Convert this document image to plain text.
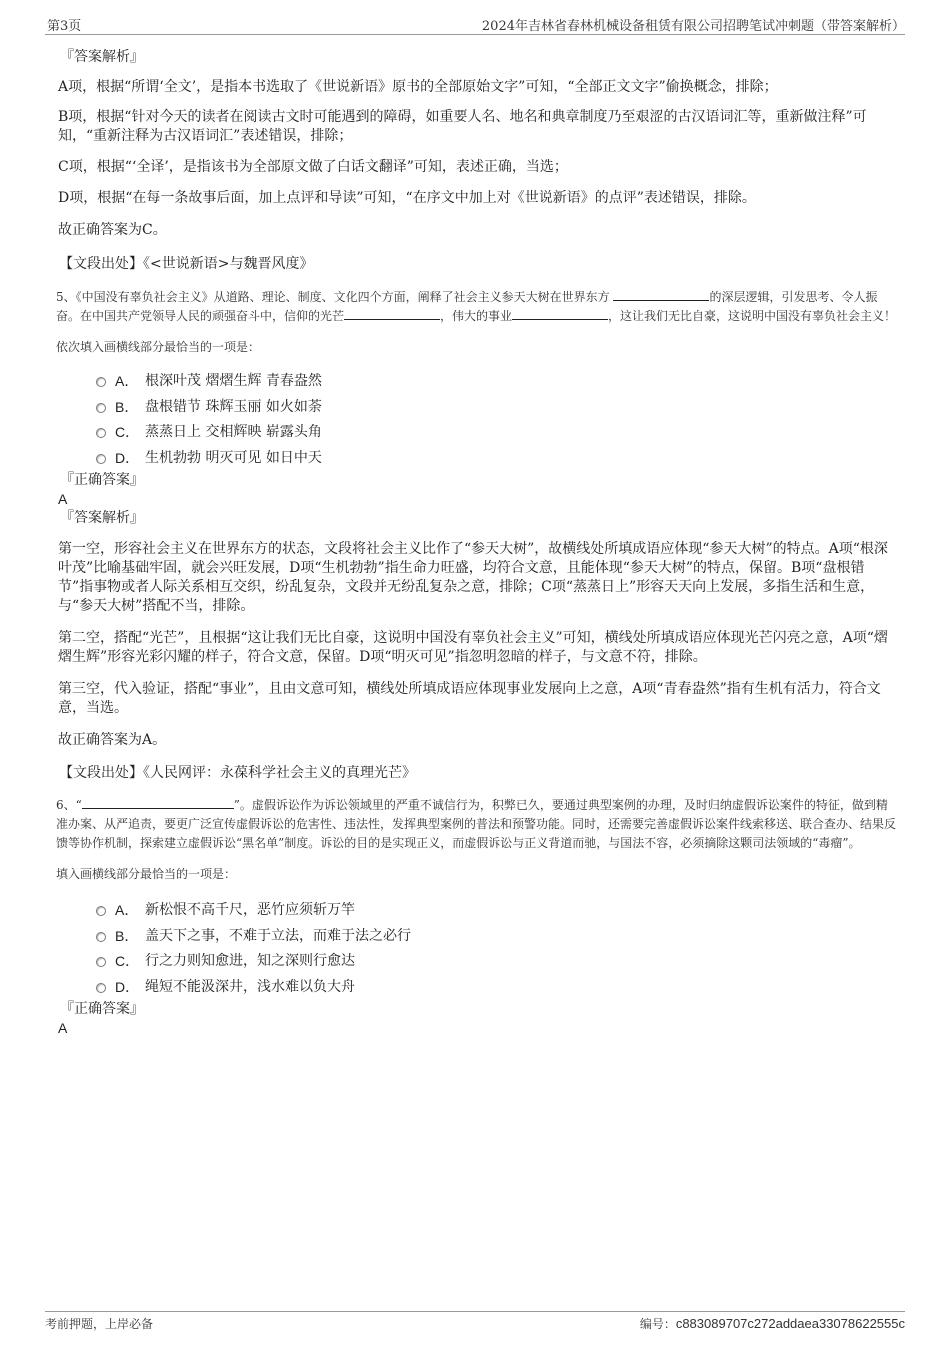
第3页	2024年吉林省春林机械设备租赁有限公司招聘笔试冲刺题（带答案解析）
『答案解析』
A项，根据“所谓‘全文’，是指本书选取了《世说新语》原书的全部原始文字”可知，“全部正文文字”偷换概念，排除；
B项，根据“针对今天的读者在阅读古文时可能遇到的障碍，如重要人名、地名和典章制度乃至艰涩的古汉语词汇等，重新做注释”可知，“重新注释为古汉语词汇”表述错误，排除；
C项，根据“‘全译’，是指该书为全部原文做了白话文翻译”可知，表述正确，当选；
D项，根据“在每一条故事后面，加上点评和导读”可知，“在序文中加上对《世说新语》的点评”表述错误，排除。
故正确答案为C。
【文段出处】《<世说新语>与魏晋风度》
5、《中国没有辜负社会主义》从道路、理论、制度、文化四个方面，阐释了社会主义参天大树在世界东方	的深层逻辑，引发思考、令人振奋。在中国共产党领导人民的顽强奋斗中，信仰的光芒	，伟大的事业	，这让我们无比自豪，这说明中国没有辜负社会主义！
依次填入画横线部分最恰当的一项是：
A． 根深叶茂 熠熠生辉 青春盎然
B． 盘根错节 珠辉玉丽 如火如荼
C． 蒸蒸日上 交相辉映 崭露头角
D． 生机勃勃 明灭可见 如日中天
『正确答案』
A
『答案解析』
第一空，形容社会主义在世界东方的状态，文段将社会主义比作了“参天大树”，故横线处所填成语应体现“参天大树”的特点。A项“根深叶茂”比喻基础牢固，就会兴旺发展，D项“生机勃勃”指生命力旺盛，均符合文意，且能体现“参天大树”的特点，保留。B项“盘根错节”指事物或者人际关系相互交织，纷乱复杂，文段并无纷乱复杂之意，排除；C项“蒸蒸日上”形容天天向上发展，多指生活和生意，与“参天大树”搭配不当，排除。
第二空，搭配“光芒”，且根据“这让我们无比自豪，这说明中国没有辜负社会主义”可知，横线处所填成语应体现光芒闪亮之意，A项“熠熠生辉”形容光彩闪耀的样子，符合文意，保留。D项“明灭可见”指忽明忽暗的样子，与文意不符，排除。
第三空，代入验证，搭配“事业”，且由文意可知，横线处所填成语应体现事业发展向上之意，A项“青春盎然”指有生机有活力，符合文意，当选。
故正确答案为A。
【文段出处】《人民网评：永葆科学社会主义的真理光芒》
6、“	”。虚假诉讼作为诉讼领域里的严重不诚信行为，积弊已久，要通过典型案例的办理，及时归纳虚假诉讼案件的特征，做到精准办案、从严追责，要更广泛宣传虚假诉讼的危害性、违法性，发挥典型案例的普法和预警功能。同时，还需要完善虚假诉讼案件线索移送、联合查办、结果反馈等协作机制，探索建立虚假诉讼“黑名单”制度。诉讼的目的是实现正义，而虚假诉讼与正义背道而驰，与国法不容，必须摘除这颗司法领域的“毒瘤”。
填入画横线部分最恰当的一项是：
A． 新松恨不高千尺，恶竹应须斩万竿
B． 盖天下之事，不难于立法，而难于法之必行
C． 行之力则知愈进，知之深则行愈达
D． 绳短不能汲深井，浅水难以负大舟
『正确答案』
A
考前押题，上岸必备	编号：c883089707c272addaea33078622555c
